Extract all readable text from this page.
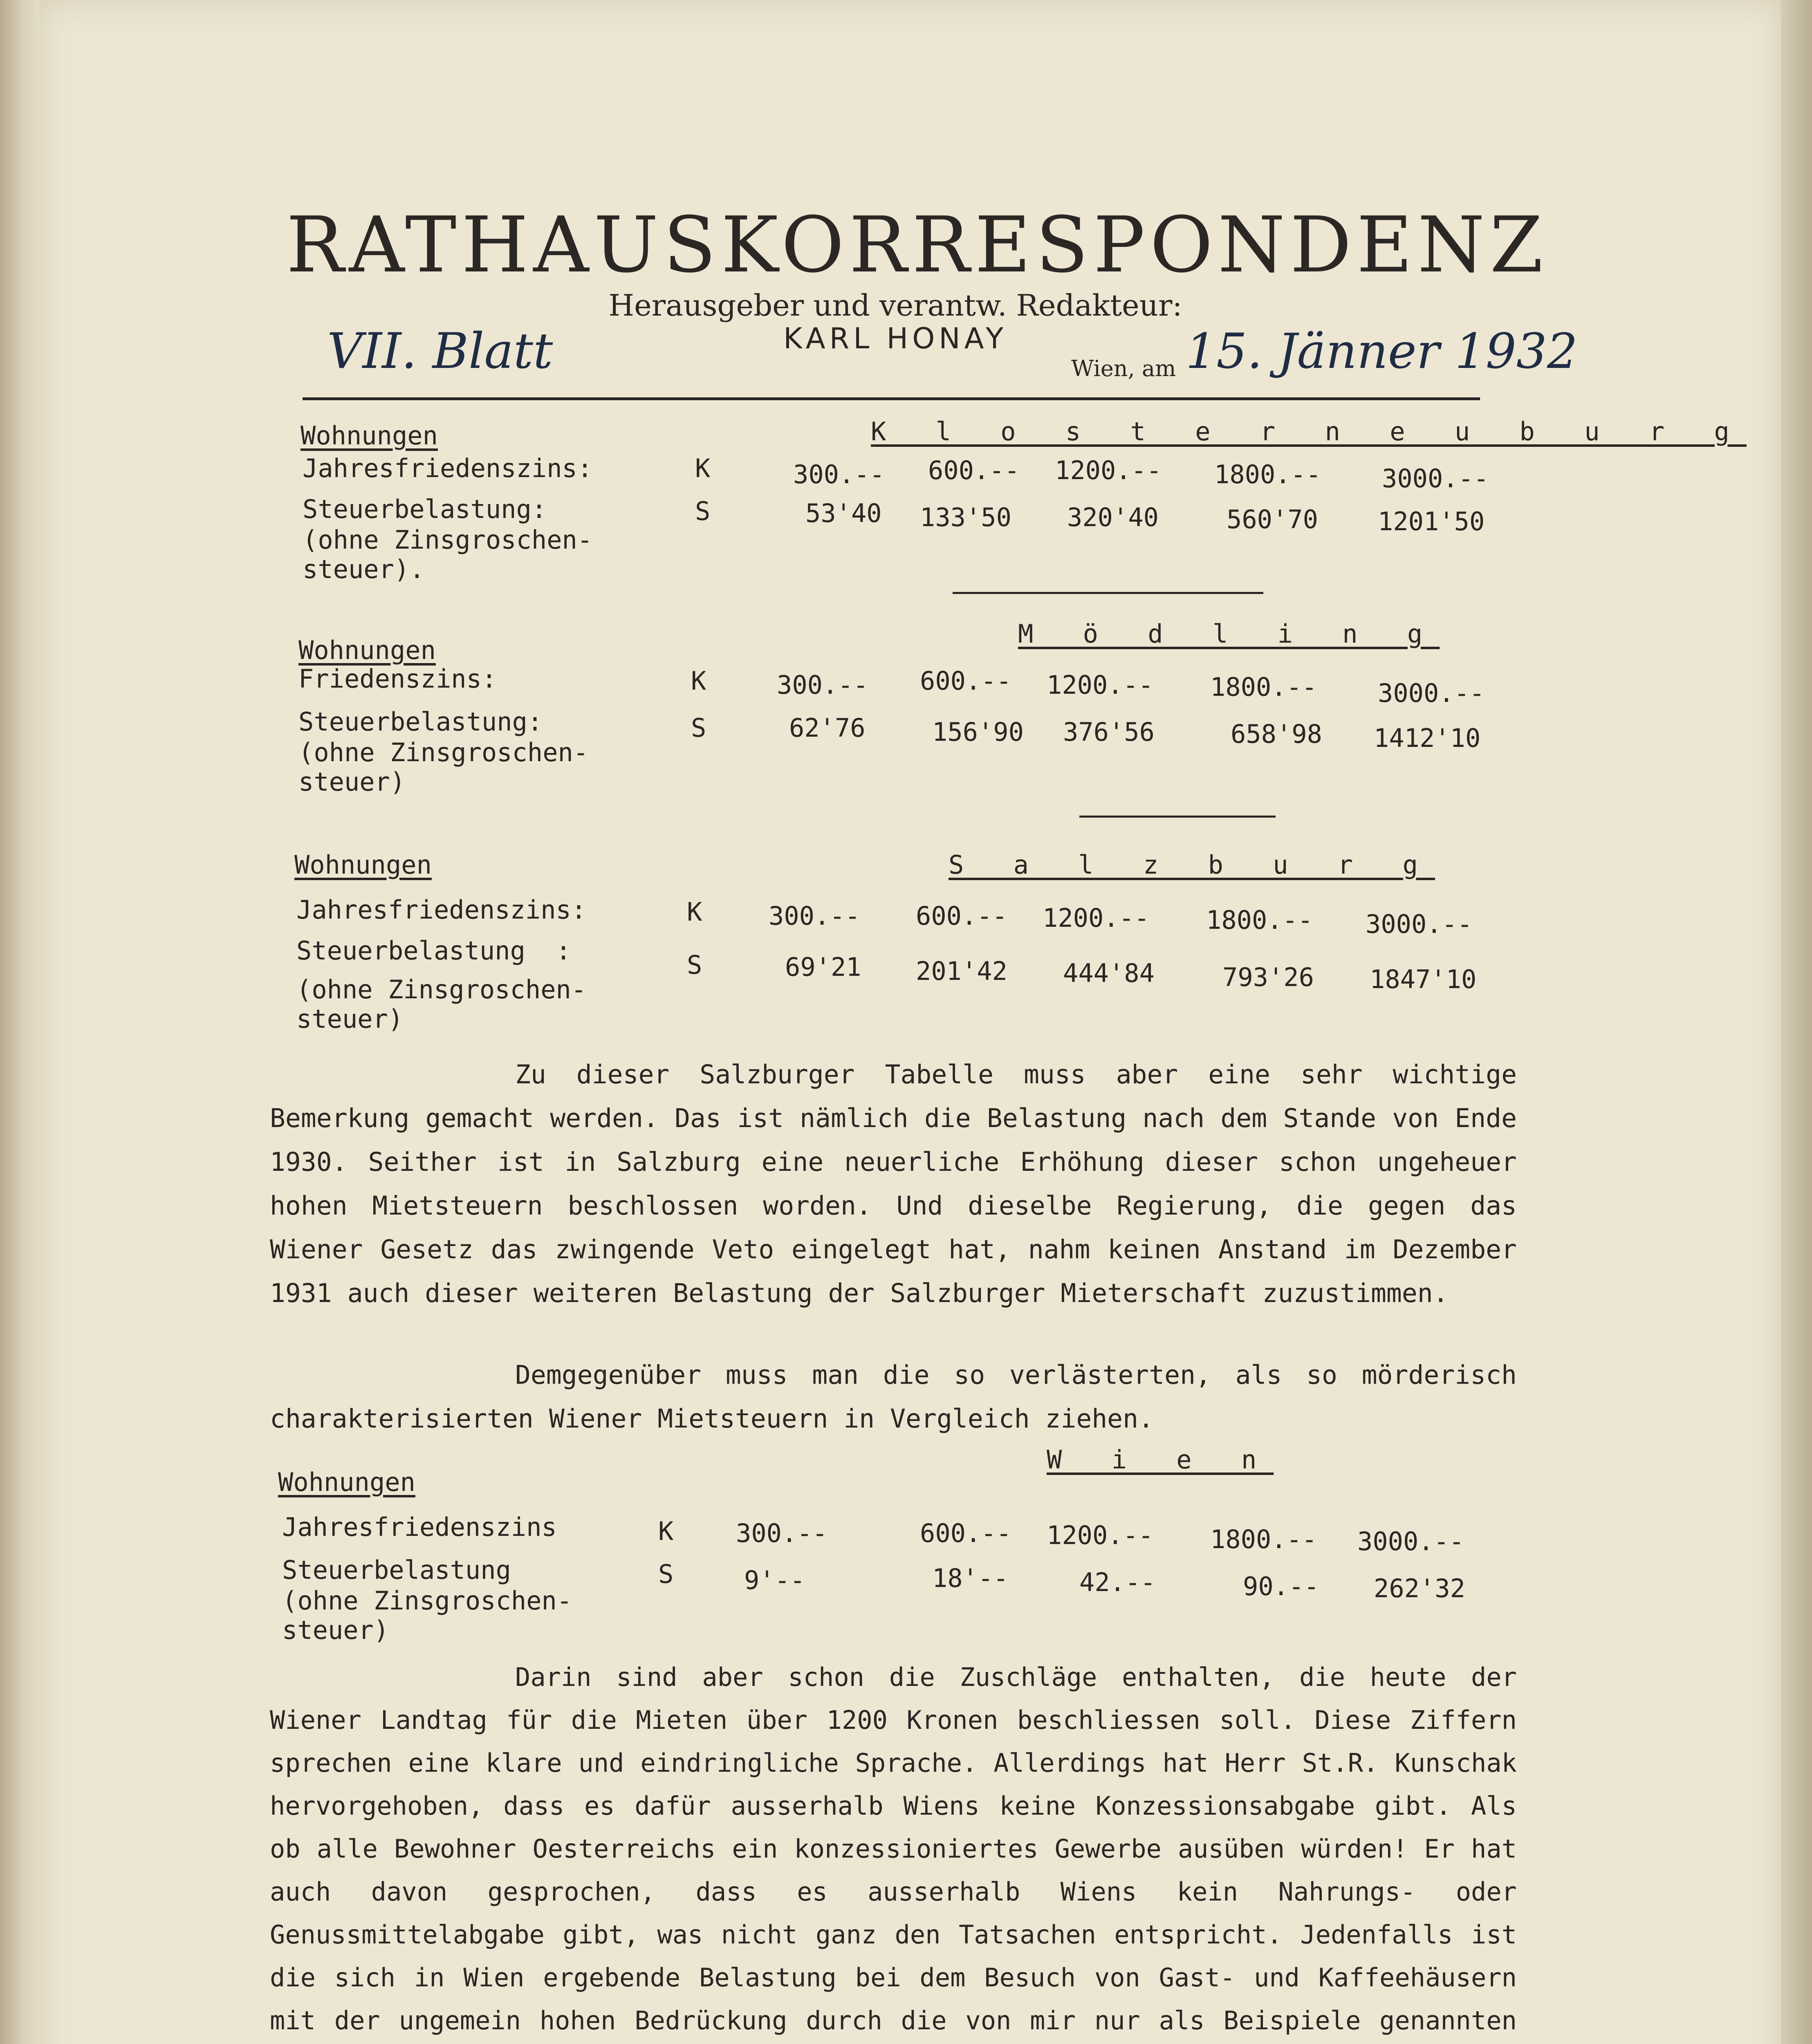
RATHAUSKORRESPONDENZ
Herausgeber und verantw. Redakteur:
KARL HONAY
VII. Blatt	Wien, am 15. Jänner 1932
Wohnungen	K l o s t e r n e u b u r g
Jahresfriedenszins:	K	300.-- 600.-- 1200.-- 1800.-- 3000.--
Steuerbelastung:
(ohne Zinsgroschen-
steuer).
S	53'40 133'50 320'40	560'70 1201'50
M ö d l i n g
Wohnungen
Friedenszins:	K	300.-- 600.-- 1200.-- 1800.-- 3000.--
Steuerbelastung:
(ohne Zinsgroschen-
steuer)
S	62'76	156'90 376'56	658'98 1412'10
Wohnungen	S a l z b u r g
Jahresfriedenszins:	K	300.-- 600.-- 1200.-- 1800.-- 3000.--
Steuerbelastung  :
(ohne Zinsgroschen-
steuer)
S	69'21 201'42 444'84	793'26 1847'10
Zu dieser Salzburger Tabelle muss aber eine sehr wichtige Bemerkung gemacht werden. Das ist nämlich die Belastung nach dem Stande von Ende 1930. Seither ist in Salzburg eine neuerliche Erhöhung dieser schon ungeheuer hohen Mietsteuern beschlossen worden. Und dieselbe Regierung, die gegen das Wiener Gesetz das zwingende Veto eingelegt hat, nahm keinen Anstand im Dezember 1931 auch dieser weiteren Belastung der Salzburger Mieterschaft zuzustimmen.
Demgegenüber muss man die so verlästerten, als so mörderisch charakterisierten Wiener Mietsteuern in Vergleich ziehen.
W i e n
Wohnungen
Jahresfriedenszins	K 300.--	600.-- 1200.-- 1800.-- 3000.--
Steuerbelastung
(ohne Zinsgroschen-
steuer)
S	9'--	18'--	42.--	90.-- 262'32
Darin sind aber schon die Zuschläge enthalten, die heute der Wiener Landtag für die Mieten über 1200 Kronen beschliessen soll. Diese Ziffern sprechen eine klare und eindringliche Sprache. Allerdings hat Herr St.R. Kunschak hervorgehoben, dass es dafür ausserhalb Wiens keine Konzessionsabgabe gibt. Als ob alle Bewohner Oesterreichs ein konzessioniertes Gewerbe ausüben würden! Er hat auch davon gesprochen, dass es ausserhalb Wiens kein Nahrungs- oder Genussmittelabgabe gibt, was nicht ganz den Tatsachen entspricht. Jedenfalls ist die sich in Wien ergebende Belastung bei dem Besuch von Gast- und Kaffeehäusern mit der ungemein hohen Bedrückung durch die von mir nur als Beispiele genannten
